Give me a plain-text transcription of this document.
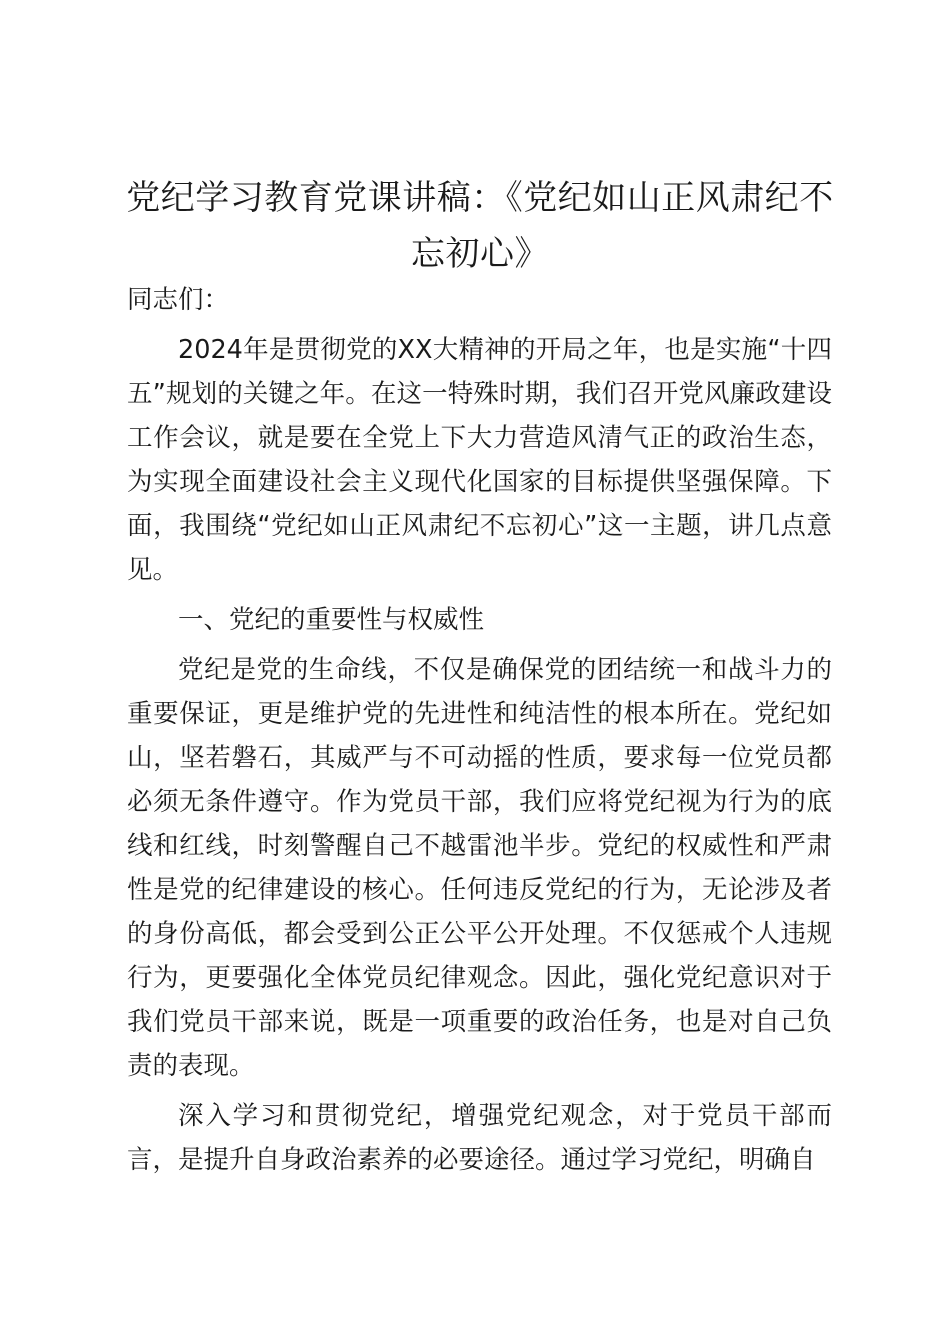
党纪学习教育党课讲稿：《党纪如山正风肃纪不忘初心》

同志们：

2024年是贯彻党的XX大精神的开局之年，也是实施“十四五”规划的关键之年。在这一特殊时期，我们召开党风廉政建设工作会议，就是要在全党上下大力营造风清气正的政治生态，为实现全面建设社会主义现代化国家的目标提供坚强保障。下面，我围绕“党纪如山正风肃纪不忘初心”这一主题，讲几点意见。

一、党纪的重要性与权威性

党纪是党的生命线，不仅是确保党的团结统一和战斗力的重要保证，更是维护党的先进性和纯洁性的根本所在。党纪如山，坚若磐石，其威严与不可动摇的性质，要求每一位党员都必须无条件遵守。作为党员干部，我们应将党纪视为行为的底线和红线，时刻警醒自己不越雷池半步。党纪的权威性和严肃性是党的纪律建设的核心。任何违反党纪的行为，无论涉及者的身份高低，都会受到公正公平公开处理。不仅惩戒个人违规行为，更要强化全体党员纪律观念。因此，强化党纪意识对于我们党员干部来说，既是一项重要的政治任务，也是对自己负责的表现。

深入学习和贯彻党纪，增强党纪观念，对于党员干部而言，是提升自身政治素养的必要途径。通过学习党纪，明确自
